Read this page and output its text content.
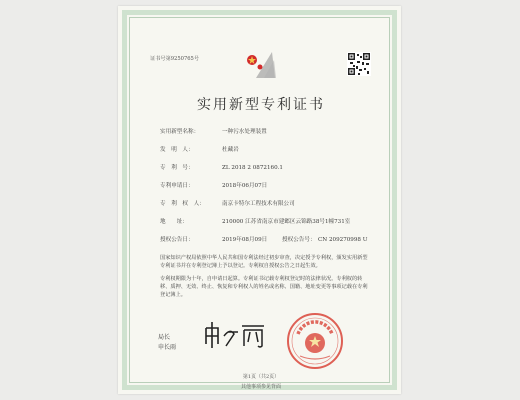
证书号第9250765号
实用新型专利证书
实用新型名称：	一种污水处理装置
发　明　人：	杜藏岩
专　利　号：	ZL 2018 2 0872160.1
专利申请日：	2018年06月07日
专　利　权　人：	南京卡特尔工程技术有限公司
地　　址：	210000 江苏省南京市建邺区云锦路38号1幢731室
授权公告日：	2019年08月09日	授权公告号： CN 209270998 U
国家知识产权局依照中华人民共和国专利法经过初步审查，决定授予专利权，颁发实用新型专利证书并在专利登记簿上予以登记。专利权自授权公告之日起生效。
专利权期限为十年，自申请日起算。专利证书记载专利权登记时的法律状况。专利权的转移、质押、无效、终止、恢复和专利权人的姓名或名称、国籍、地址变更等事项记载在专利登记簿上。
局长
申长雨
第1页（共2页）
其他事项参见背面
